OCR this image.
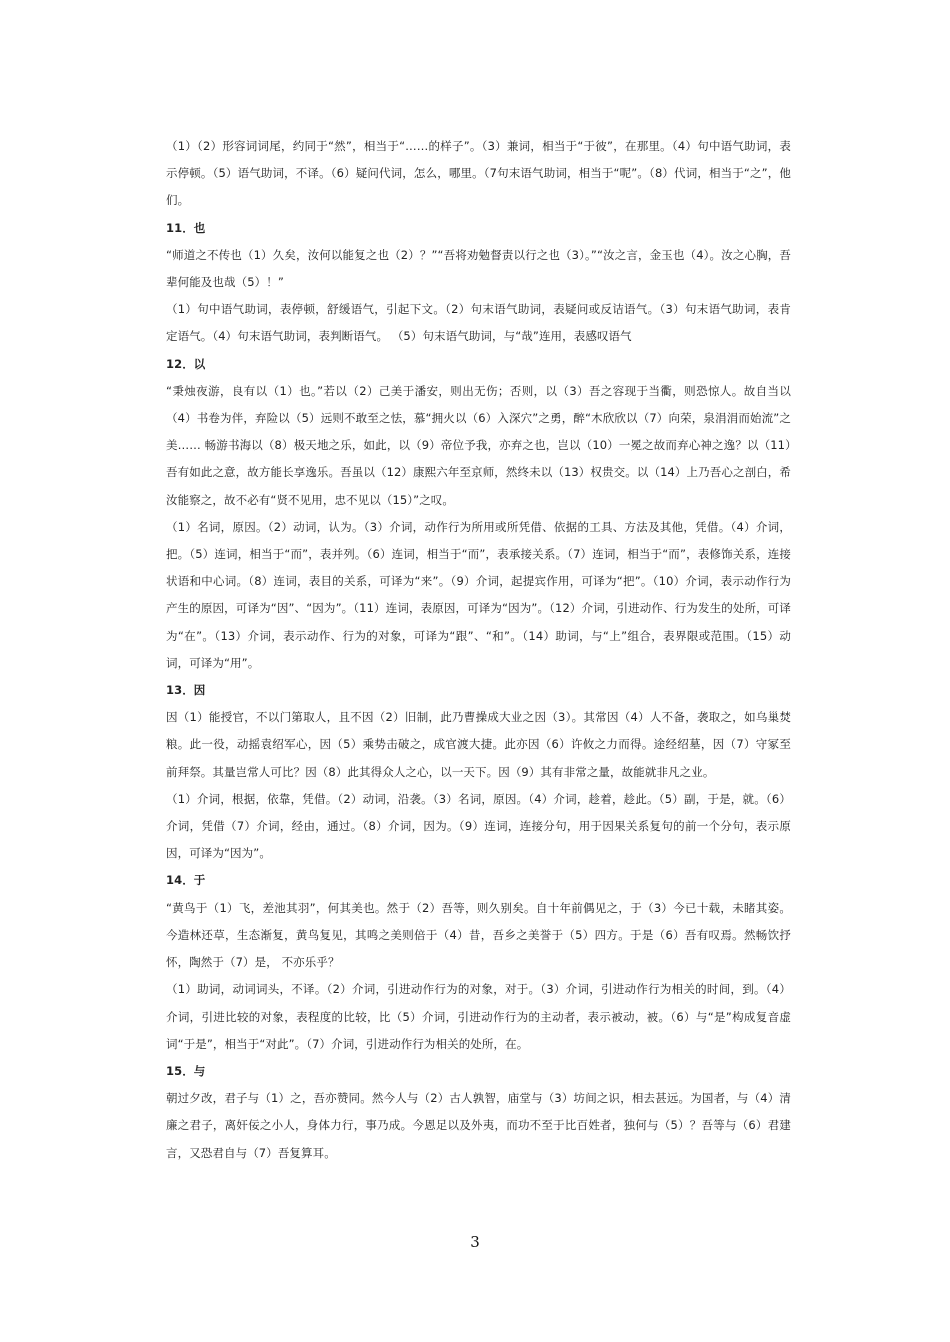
（1）（2）形容词词尾，约同于“然”，相当于“……的样子”。（3）兼词，相当于“于彼”，在那里。（4）句中语气助词，表示停顿。（5）语气助词，不译。（6）疑问代词，怎么，哪里。（7句末语气助词，相当于“呢”。（8）代词，相当于“之”，他们。

11．也

“师道之不传也（1）久矣，汝何以能复之也（2）？”“吾将劝勉督责以行之也（3）。”“汝之言，金玉也（4）。汝之心胸，吾辈何能及也哉（5）！”

（1）句中语气助词，表停顿，舒缓语气，引起下文。（2）句末语气助词，表疑问或反诘语气。（3）句末语气助词，表肯定语气。（4）句末语气助词，表判断语气。 （5）句末语气助词，与“哉”连用，表感叹语气

12．以

“秉烛夜游，良有以（1）也。”若以（2）己美于潘安，则出无伤；否则，以（3）吾之容现于当衢，则恐惊人。故自当以（4）书卷为伴，弃险以（5）远则不敢至之怯，慕“拥火以（6）入深穴”之勇，醉“木欣欣以（7）向荣，泉涓涓而始流”之美…… 畅游书海以（8）极天地之乐，如此，以（9）帝位予我，亦弃之也，岂以（10）一冕之故而弃心神之逸？以（11）吾有如此之意，故方能长享逸乐。吾虽以（12）康熙六年至京师，然终未以（13）权贵交。以（14）上乃吾心之剖白，希汝能察之，故不必有“贤不见用，忠不见以（15）”之叹。

（1）名词，原因。（2）动词，认为。（3）介词，动作行为所用或所凭借、依据的工具、方法及其他，凭借。（4）介词，把。（5）连词，相当于“而”，表并列。（6）连词，相当于“而”，表承接关系。（7）连词，相当于“而”，表修饰关系，连接状语和中心词。（8）连词，表目的关系，可译为“来”。（9）介词，起提宾作用，可译为“把”。（10）介词，表示动作行为产生的原因，可译为“因”、“因为”。（11）连词，表原因，可译为“因为”。（12）介词，引进动作、行为发生的处所，可译为“在”。（13）介词，表示动作、行为的对象，可译为“跟”、“和”。（14）助词，与“上”组合，表界限或范围。（15）动词，可译为“用”。

13．因

因（1）能授官，不以门第取人，且不因（2）旧制，此乃曹操成大业之因（3）。其常因（4）人不备，袭取之，如乌巢焚粮。此一役，动摇袁绍军心，因（5）乘势击破之，成官渡大捷。此亦因（6）许攸之力而得。途经绍墓，因（7）守冢至前拜祭。其量岂常人可比？因（8）此其得众人之心，以一天下。因（9）其有非常之量，故能就非凡之业。

（1）介词，根据，依靠，凭借。（2）动词，沿袭。（3）名词，原因。（4）介词，趁着，趁此。（5）副，于是，就。（6）介词，凭借（7）介词，经由，通过。（8）介词，因为。（9）连词，连接分句，用于因果关系复句的前一个分句，表示原因，可译为“因为”。

14．于

“黄鸟于（1）飞，差池其羽”，何其美也。然于（2）吾等，则久别矣。自十年前偶见之，于（3）今已十载，未睹其姿。今造林还草，生态渐复，黄鸟复见，其鸣之美则倍于（4）昔，吾乡之美誉于（5）四方。于是（6）吾有叹焉。然畅饮抒怀，陶然于（7）是， 不亦乐乎？

（1）助词，动词词头，不译。（2）介词，引进动作行为的对象，对于。（3）介词，引进动作行为相关的时间，到。（4）介词，引进比较的对象，表程度的比较，比（5）介词，引进动作行为的主动者，表示被动，被。（6）与“是”构成复音虚词“于是”，相当于“对此”。（7）介词，引进动作行为相关的处所，在。

15．与

朝过夕改，君子与（1）之，吾亦赞同。然今人与（2）古人孰智，庙堂与（3）坊间之识，相去甚远。为国者，与（4）清廉之君子，离奸佞之小人，身体力行，事乃成。今恩足以及外夷，而功不至于比百姓者，独何与（5）？吾等与（6）君建言，又恐君自与（7）吾复算耳。

3
